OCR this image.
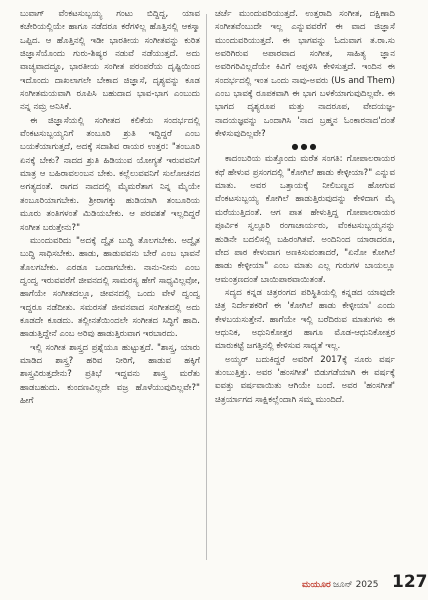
ಬುವಾಗ್ ವೆಂಕಟಸುಬ್ಬಯ್ಯ ಗಂಟು ಬಿದ್ದಿದ್ದ, ಯಾವ ಕಚೇರಿಯಲ್ಲಿಯೇ ಹಾಗೂ ನಡೆದರೂ ಕರೆಗಳಿಲ್ಲ ಹೊತ್ತಿನಲ್ಲಿ ಆಕಸ್ಮಾ ಒಪ್ಪಿದ. ಆ ಹೊತ್ತಿನಲ್ಲಿ ಇಡೀ ಭಾರತೀಯ ಸಂಗೀತವನ್ನು ಕುರಿತ ಜಿಜ್ಞಾಸೆಯೊಂದು ಗುರು-ಶಿಷ್ಯರ ನಡುವೆ ನಡೆಯುತ್ತದೆ. ಅದು ವಾಚ್ಯವಾದದ್ದೂ, ಭಾರತೀಯ ಸಂಗೀತ ಪರಂಪರೆಯ ದೃಷ್ಟಿಯಿಂದ ಇದೊಂದು ದಾಖಲಾಗಲೇ ಬೇಕಾದ ಜಿಜ್ಞಾಸೆ, ದೃಶ್ಯವನ್ನು ಕೂಡ ಸಂಗೀತಮಯವಾಗಿ ರೂಪಿಸಿ ಬಹುದಾದ ಭಾವ-ಭಾಗ ಎಂಬುದು ನನ್ನ ನಮ್ರ ಅನಿಸಿಕೆ.

ಈ ಜಿಜ್ಞಾಸೆಯಲ್ಲಿ ಸಂಗೀತದ ಕಲಿಕೆಯ ಸಂದರ್ಭದಲ್ಲಿ ವೆಂಕಟಸುಬ್ಬಯ್ಯನಿಗೆ ತಂಬೂರಿ ಶ್ರುತಿ ಇದ್ದಿದ್ದರೆ ಎಂಬ ಬಯಕೆಯಾಗುತ್ತದೆ, ಅದಕ್ಕೆ ಸದಾಶಿವ ರಾಯರ ಉತ್ತರ: "ತಂಬೂರಿ ಏನಕ್ಕೆ ಬೇಕು? ನಾದದ ಶ್ರುತಿ ಹಿಡಿಯುವ ಯೋಗ್ಯತೆ ಇರುವವನಿಗೆ ಮಾತ್ರ ಆ ಬಹಿರಾವಲಂಬನ ಬೇಕು. ಕಲ್ಲೆಲುವವನಿಗೆ ಸುಲೋಚನದ ಅಗತ್ಯದಂತೆ. ರಾಗದ ನಾದದಲ್ಲಿ ಮೈಮರೆತಾಗ ನಿನ್ನ ಮೈಯೇ ತಂಬೂರಿಯಾಗಬೇಕು. ಶ್ರೀರಾಗಕ್ಕು ಹುಡಿಯಾಗಿ ತಂಬೂರಿಯ ಮೂರು ತಂತಿಗಳಂತೆ ಮಿಡಿಯಬೇಕು. ಆ ಪರವಶತೆ ಇಲ್ಲದಿದ್ದರೆ ಸಂಗೀತ ಬರುತ್ತೇನು?"

ಮುಂದುವರಿದು "ಅದಕ್ಕೆ ದ್ವೈತ ಬುದ್ಧಿ ತೊಲಗಬೇಕು. ಅದ್ವೈತ ಬುದ್ಧಿ ಸಾಧಿಸಬೇಕು. ಹಾಡು, ಹಾಡುವವನು ಬೇರೆ ಎಂಬ ಭಾವನೆ ತೊಲಗಬೇಕು. ಎರಡೂ ಒಂದಾಗಬೇಕು. ನಾನು-ನೀನು ಎಂಬ ದ್ವಂದ್ವ ಇರುವವರೆಗೆ ಜೀವನದಲ್ಲಿ ಸಾಮರಸ್ಯ ಹೇಗೆ ಸಾಧ್ಯವಿಲ್ಲವೋ, ಹಾಗೆಯೇ ಸಂಗೀತದಲ್ಲೂ, ಜೀವನದಲ್ಲಿ ಒಂದು ವೇಳೆ ದ್ವಂದ್ವ ಇದ್ದರೂ ನಡೆದೀತು. ಸಮರಸತೆ ಜೀವನವಾದ ಸಂಗೀತದಲ್ಲಿ ಅದು ಕೂಡದೇ ಕೂಡದು. ತಲ್ಲೀನತೆಯಿಂದಲೇ ಸಂಗೀತದ ಸಿದ್ಧಿಗೆ ಹಾದಿ. ಹಾಡುತ್ತಿದ್ದೇನೆ ಎಂಬ ಅರಿವು ಹಾಡುತ್ತಿರುವಾಗ ಇರಬಾರದು.

ಇಲ್ಲಿ ಸಂಗೀತ ಶಾಸ್ತ್ರದ ಪ್ರಶ್ನೆಯೂ ಹುಟ್ಟುತ್ತದೆ. "ಶಾಸ್ತ್ರ, ಯಾರು ಮಾಡಿದ ಶಾಸ್ತ್ರ? ಹರಿವ ನೀರಿಗೆ, ಹಾಡುವ ಹಕ್ಕಿಗೆ ಶಾಸ್ತ್ರವಿರುತ್ತದೇನು? ಪ್ರತಿಭೆ ಇದ್ದವನು ಶಾಸ್ತ್ರ ಮರೆತು ಹಾಡಬಹುದು. ಕುಂದಣವಿಲ್ಲದೇ ವಜ್ರ ಹೊಳೆಯುವುದಿಲ್ಲವೇ?" ಹೀಗೆ

ಚರ್ಚೆ ಮುಂದುವರಿಯುತ್ತದೆ. ಉತ್ತರಾದಿ ಸಂಗೀತ, ದಕ್ಷಿಣಾದಿ ಸಂಗೀತವೆಂಬುದೇ ಇಲ್ಲ ಎನ್ನುವವರೆಗೆ ಈ ವಾದ ಜಿಜ್ಞಾಸೆ ಮುಂದುವರಿಯುತ್ತದೆ. ಈ ಭಾಗವನ್ನು ಓದುವಾಗ ತ.ರಾ.ಸು ಅವರಿಗಿರುವ ಅಪಾರವಾದ ಸಂಗೀತ, ಸಾಹಿತ್ಯ ಜ್ಞಾನ ಅವರಿಗರಿವಿಲ್ಲದೆಯೇ ಕಿವಿಗೆ ಅಪ್ಪಳಿಸಿ ಕೇಳಿಸುತ್ತದೆ. ಇಂದಿನ ಈ ಸಂದರ್ಭದಲ್ಲಿ ಇಂತ ಒಂದು ನಾವು-ಅವರು (Us and Them) ಎಂಬ ಭಾವಕ್ಕೆ ರೂಪಕವಾಗಿ ಈ ಭಾಗ ಬಳಕೆಯಾಗುವುದಿಲ್ಲವೇ. ಈ ಭಾಗದ ದೃಶ್ಯರೂಪ ಮತ್ತು ನಾದರೂಪ, ವೇದಯಜ್ಞ-ನಾದಯಜ್ಞವನ್ನು ಒಂದಾಗಿಸಿ 'ನಾದ ಬ್ರಹ್ಮನ ಓಂಕಾರನಾದ'ದಂತೆ ಕೇಳಿಸುವುದಿಲ್ಲವೇ?

●●●

ಕಾದಂಬರಿಯ ಮತ್ತೊಂದು ಮರೆತ ಸಂಗತಿ: ಗೋಪಾಲರಾಯರ ಕಥೆ ಹೇಳುವ ಪ್ರಸಂಗದಲ್ಲಿ "ಕೋಗಿಲೆ ಹಾಡು ಕೇಳ್ಳೀಯಾ?" ಎನ್ನುವ ಮಾತು. ಅವರ ಒತ್ತಾಯಕ್ಕೆ ನೀಲಿಬಣ್ಣದ ಹೋಗುವ ವೆಂಕಟಸುಬ್ಬಯ್ಯ ಕೋಗಿಲೆ ಹಾಡುತ್ತಿರುವುದನ್ನು ಕೇಳಿದಾಗ ಮೈ ಮರೆಯುತ್ತಿದಂತೆ. ಆಗ ಪಾತ ಹೇಳುತ್ತಿದ್ದ ಗೋಪಾಲರಾಯರ ಪೂರ್ವಿಕ ಸ್ವಲ್ಪೂರಿ ರಂಗಾಚಾರ್ಯರು, ವೆಂಕಟಸುಬ್ಬಯ್ಯನನ್ನು ಹುಡಿನೇ ಬದಲಿಸಲ್ಲಿ ಬಹಿರಂಗಿತವೆ. ಅಂದಿನಿಂದ ಯಾರಾದರೂ, ವೇದ ಪಾಠ ಕೇಳುವಾಗ ಅಣಕಿಸುವಂತಾದರೆ, "ಏನೋ ಕೋಗಿಲೆ ಹಾಡು ಕೇಳ್ಳೀಯಾ" ಎಂಬ ಮಾತು ಎಲ್ಲ ಗುರುಗಳ ಬಾಯಲ್ಲೂ ಆಮಂತ್ರಣದಂತೆ ಬಾಯಿಪಾಠವಾಯಿತಂತೆ.

ಸದ್ಯದ ಕನ್ನಡ ಚಿತ್ರರಂಗದ ಪರಿಸ್ಥಿತಿಯಲ್ಲಿ ಕನ್ನಡದ ಯಾವುದೇ ಚಿತ್ರ ನಿರ್ದೇಶಕರಿಗೆ ಈ 'ಕೋಗಿಲೆ ಹಾಡು ಕೇಳ್ಳೀಯಾ' ಎಂದು ಕೇಳಬಯಸುತ್ತೇನೆ. ಹಾಗೆಯೇ ಇಲ್ಲಿ ಬರೆದಿರುವ ಮಾತುಗಳು ಈ ಆಧುನಿಕ, ಅಧುನಿಕೋತ್ತರ ಹಾಗೂ ಮೊಡ-ಆಧುನಿಕೋತ್ತರ ಮಾರುಕಟ್ಟೆ ಜಗತ್ತಿನಲ್ಲಿ ಕೇಳಿಸುವ ಸಾಧ್ಯತೆ ಇಲ್ಲ.

ಅಯ್ಯರ್ ಬದುಕಿದ್ದರೆ ಅವರಿಗೆ 2017ಕ್ಕೆ ನೂರು ವರ್ಷ ತುಂಬುತ್ತಿತ್ತು. ಅವರ 'ಹಂಸಗೀತೆ' ಬಿಡುಗಡೆಯಾಗಿ ಈ ವರ್ಷಕ್ಕೆ ಐವತ್ತು ವರ್ಷವಾಯಿತು ಆಗಿಯೇ ಬಂದೆ. ಅವರ 'ಹಂಸಗೀತೆ' ಚಿತ್ರರ್ಯಾಗದ ಸಾಕ್ಷಿಕಲ್ಲೆಂದಾಗಿ ಸಮ್ಮ ಮುಂದಿದೆ.

ಮಯೂರ ಜೂನ್ 2025 127
